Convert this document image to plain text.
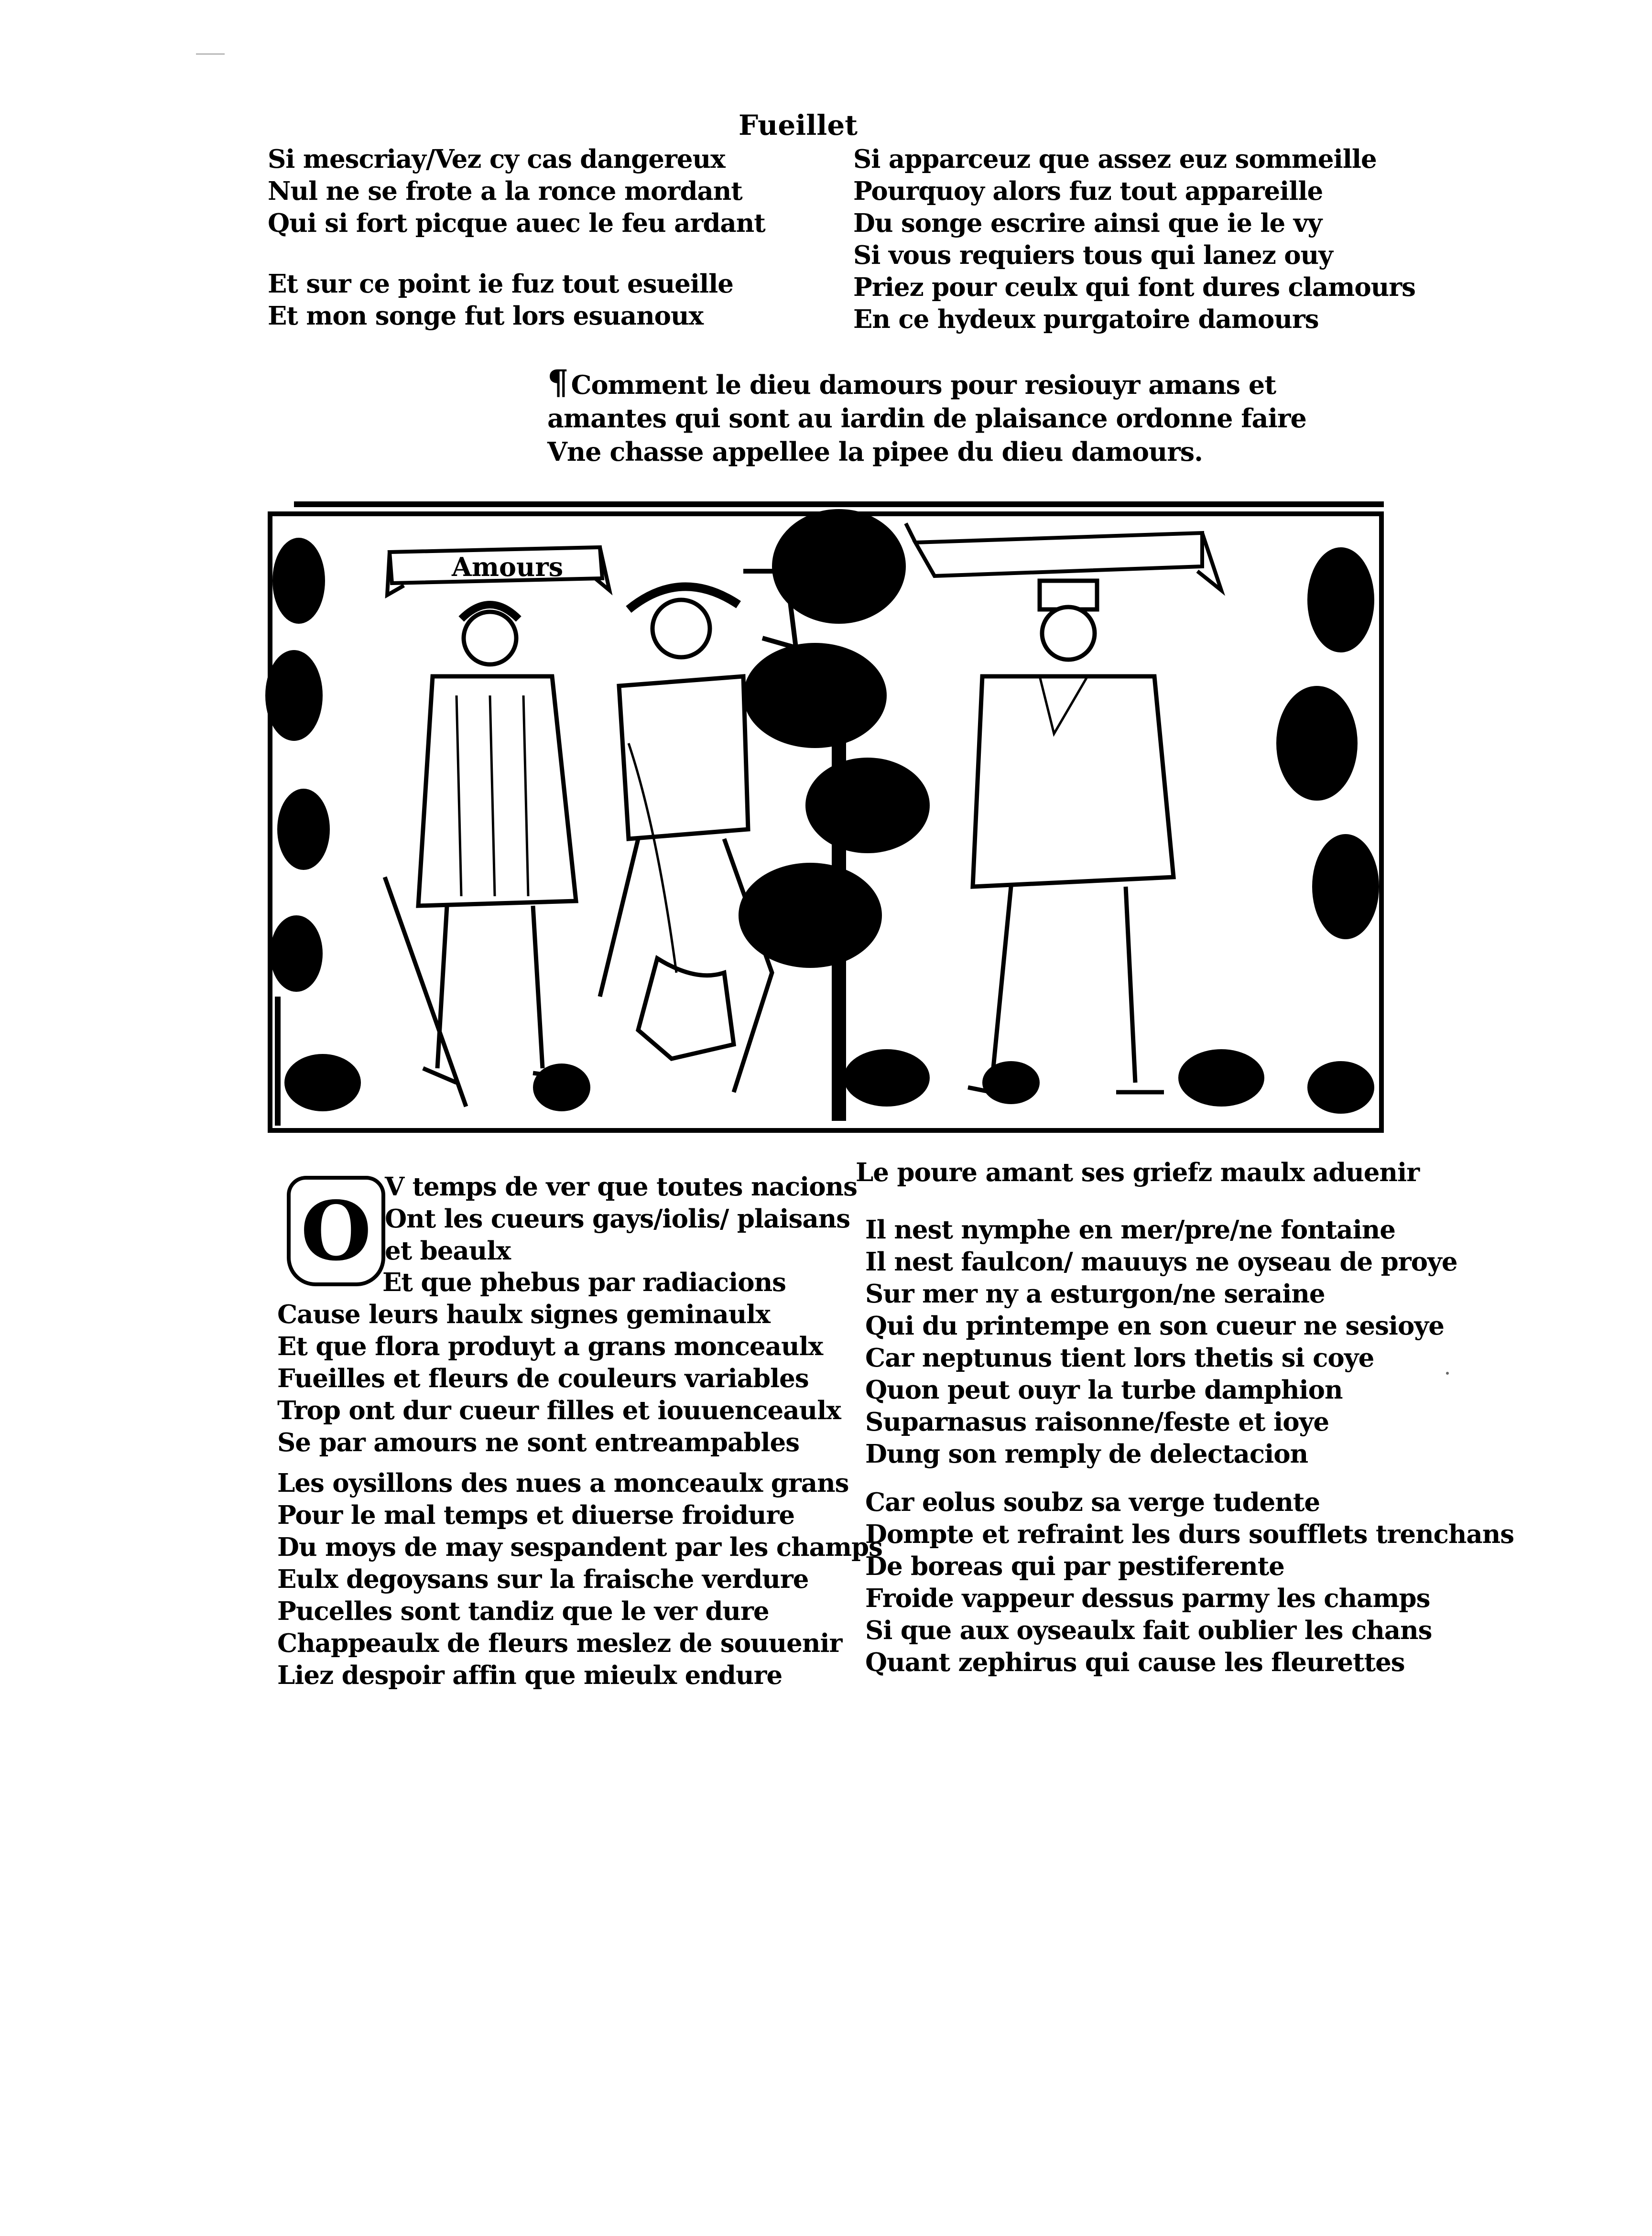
Fueillet
Si mescriay/Vez cy cas dangereux
Nul ne se frote a la ronce mordant
Qui si fort picque auec le feu ardant
Et sur ce point ie fuz tout esueille
Et mon songe fut lors esuanoux
Si apparceuz que assez euz sommeille
Pourquoy alors fuz tout appareille
Du songe escrire ainsi que ie le vy
Si vous requiers tous qui lanez ouy
Priez pour ceulx qui font dures clamours
En ce hydeux purgatoire damours
¶ Comment le dieu damours pour resiouyr amans et
amantes qui sont au iardin de plaisance ordonne faire
Vne chasse appellee la pipee du dieu damours.
Amours
O V temps de ver que toutes nacions
Ont les cueurs gays/iolis/ plaisans
et beaulx
Et que phebus par radiacions
Cause leurs haulx signes geminaulx
Et que flora produyt a grans monceaulx
Fueilles et fleurs de couleurs variables
Trop ont dur cueur filles et iouuenceaulx
Se par amours ne sont entreampables
Les oysillons des nues a monceaulx grans
Pour le mal temps et diuerse froidure
Du moys de may sespandent par les champs
Eulx degoysans sur la fraische verdure
Pucelles sont tandiz que le ver dure
Chappeaulx de fleurs meslez de souuenir
Liez despoir affin que mieulx endure
Le poure amant ses griefz maulx aduenir
Il nest nymphe en mer/pre/ne fontaine
Il nest faulcon/ mauuys ne oyseau de proye
Sur mer ny a esturgon/ne seraine
Qui du printempe en son cueur ne sesioye
Car neptunus tient lors thetis si coye
Quon peut ouyr la turbe damphion
Suparnasus raisonne/feste et ioye
Dung son remply de delectacion
Car eolus soubz sa verge tudente
Dompte et refraint les durs soufflets trenchans
De boreas qui par pestiferente
Froide vappeur dessus parmy les champs
Si que aux oyseaulx fait oublier les chans
Quant zephirus qui cause les fleurettes
